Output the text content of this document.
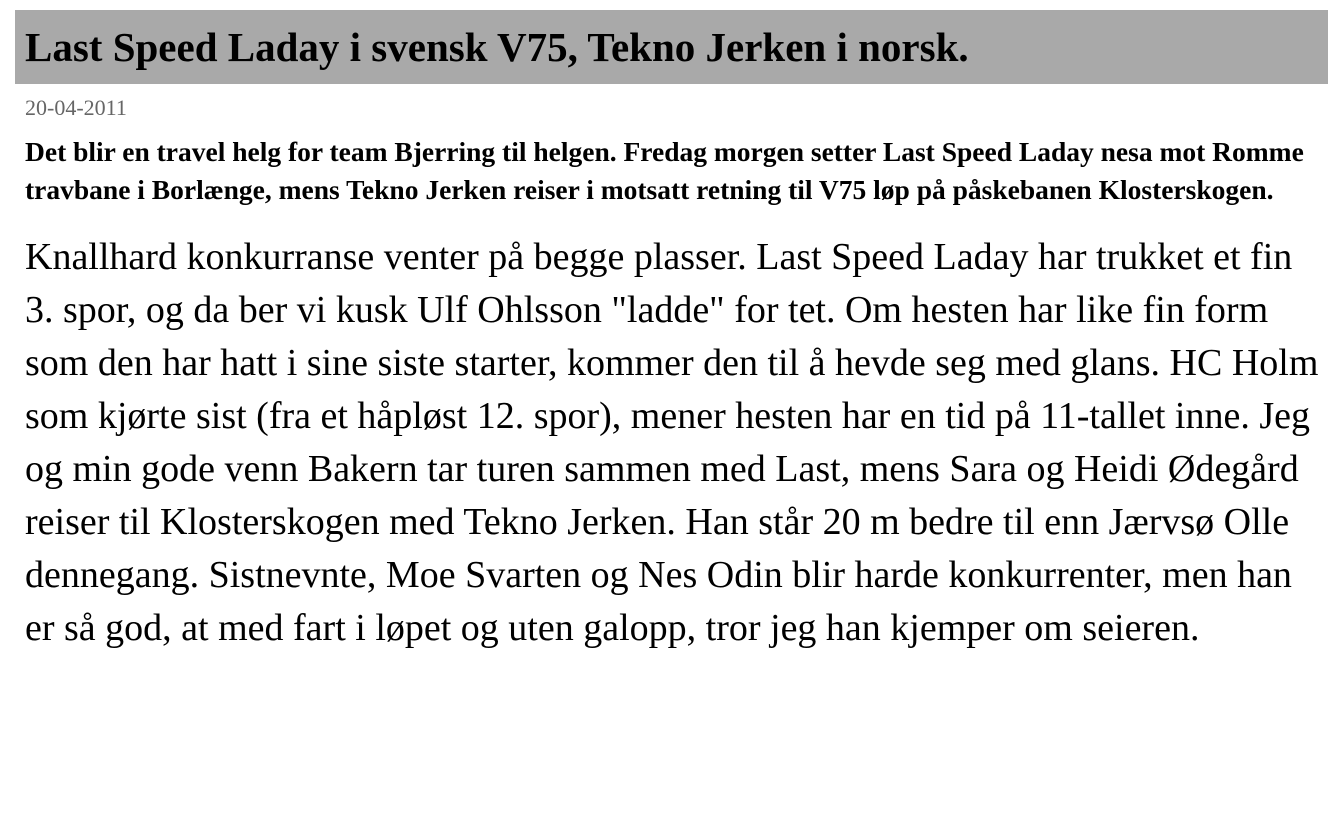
Last Speed Laday i svensk V75, Tekno Jerken i norsk.
20-04-2011

Det blir en travel helg for team Bjerring til helgen. Fredag morgen setter Last Speed Laday nesa mot Romme travbane i Borlænge, mens Tekno Jerken reiser i motsatt retning til V75 løp på påskebanen Klosterskogen.

Knallhard konkurranse venter på begge plasser. Last Speed Laday har trukket et fin 3. spor, og da ber vi kusk Ulf Ohlsson "ladde" for tet. Om hesten har like fin form som den har hatt i sine siste starter, kommer den til å hevde seg med glans. HC Holm som kjørte sist (fra et håpløst 12. spor), mener hesten har en tid på 11-tallet inne. Jeg og min gode venn Bakern tar turen sammen med Last, mens Sara og Heidi Ødegård reiser til Klosterskogen med Tekno Jerken. Han står 20 m bedre til enn Jærvsø Olle dennegang. Sistnevnte, Moe Svarten og Nes Odin blir harde konkurrenter, men han er så god, at med fart i løpet og uten galopp, tror jeg han kjemper om seieren.
